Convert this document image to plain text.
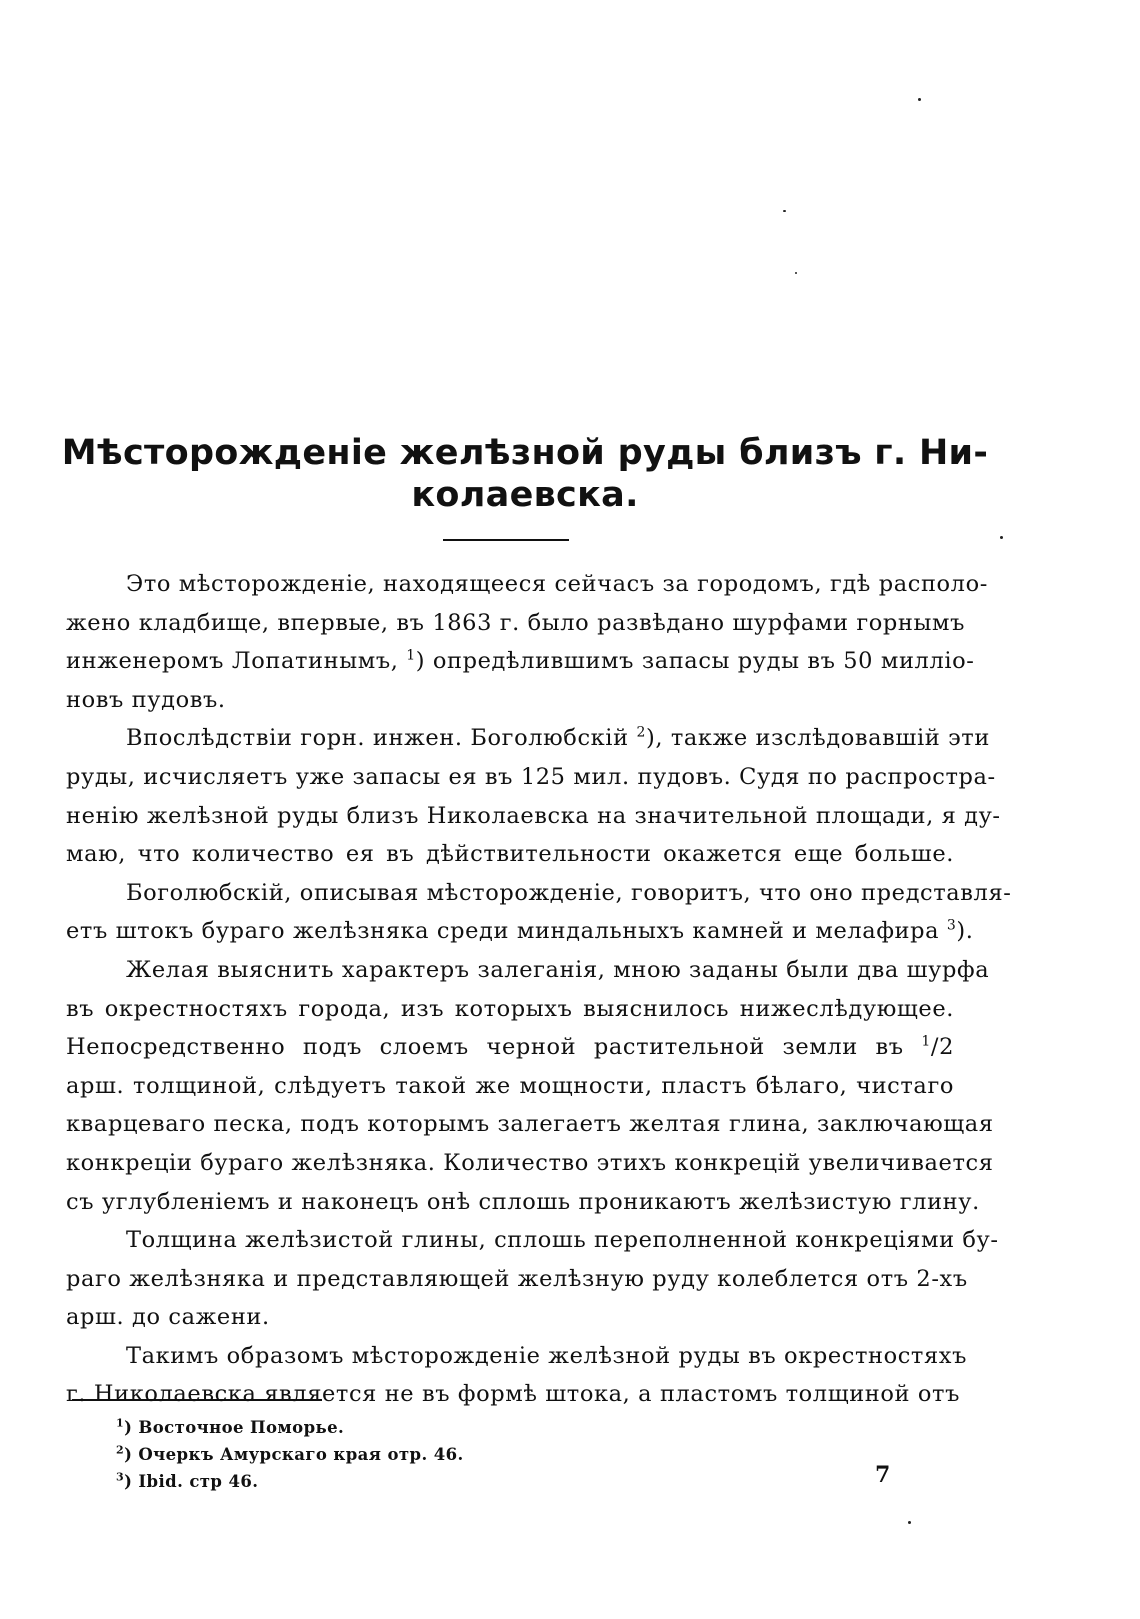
Мѣсторожденіе желѣзной руды близъ г. Ни-
колаевска.
Это мѣсторожденіе, находящееся сейчасъ за городомъ, гдѣ располо-
жено кладбище, впервые, въ 1863 г. было развѣдано шурфами горнымъ
инженеромъ Лопатинымъ, $^1$) опредѣлившимъ запасы руды въ 50 милліо-
новъ пудовъ.
Впослѣдствіи горн. инжен. Боголюбскій $^2$), также изслѣдовавшій эти
руды, исчисляетъ уже запасы ея въ 125 мил. пудовъ. Судя по распростра-
ненію желѣзной руды близъ Николаевска на значительной площади, я ду-
маю, что количество ея въ дѣйствительности окажется еще больше.
Боголюбскій, описывая мѣсторожденіе, говоритъ, что оно представля-
етъ штокъ бураго желѣзняка среди миндальныхъ камней и мелафира $^3$).
Желая выяснить характеръ залеганія, мною заданы были два шурфа
въ окрестностяхъ города, изъ которыхъ выяснилось нижеслѣдующее.
Непосредственно подъ слоемъ черной растительной земли въ $^1$/2
арш. толщиной, слѣдуетъ такой же мощности, пластъ бѣлаго, чистаго
кварцеваго песка, подъ которымъ залегаетъ желтая глина, заключающая
конкреціи бураго желѣзняка. Количество этихъ конкрецій увеличивается
съ углубленіемъ и наконецъ онѣ сплошь проникаютъ желѣзистую глину.
Толщина желѣзистой глины, сплошь переполненной конкреціями бу-
раго желѣзняка и представляющей желѣзную руду колеблется отъ 2-хъ
арш. до сажени.
Такимъ образомъ мѣсторожденіе желѣзной руды въ окрестностяхъ
г. Николаевска является не въ формѣ штока, а пластомъ толщиной отъ
$^1$) Восточное Поморье.
$^2$) Очеркъ Амурскаго края отр. 46.
$^3$) Ibid. стр 46.	7
